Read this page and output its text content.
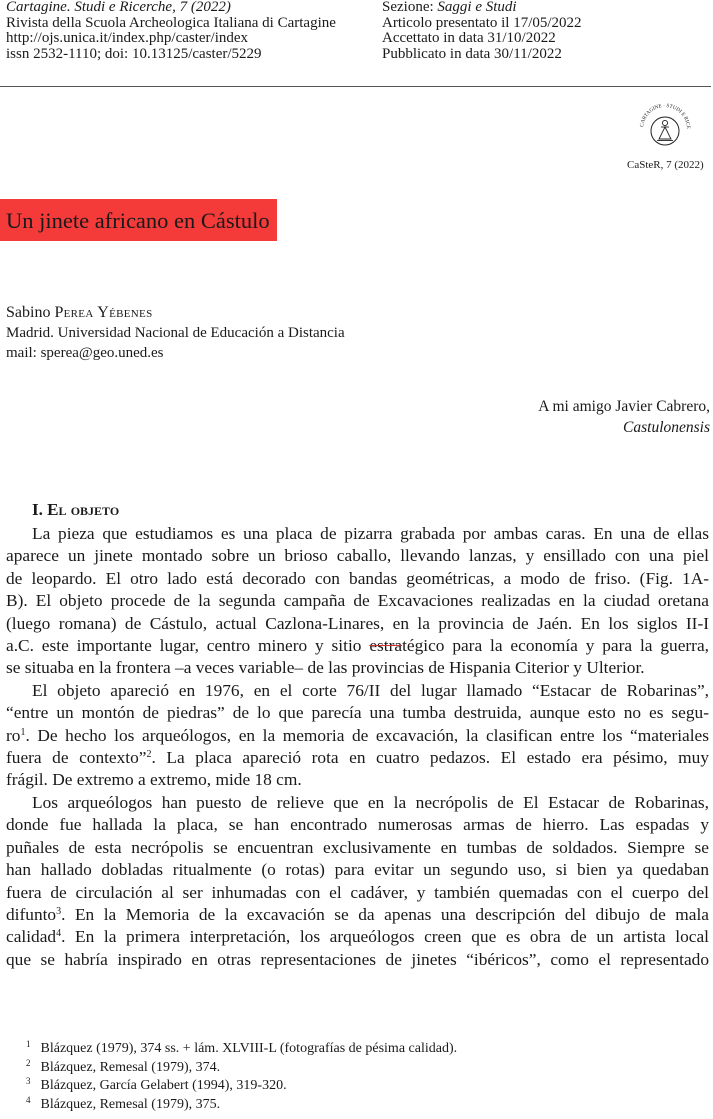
Cartagine. Studi e Ricerche, 7 (2022)
Rivista della Scuola Archeologica Italiana di Cartagine
http://ojs.unica.it/index.php/caster/index
issn 2532-1110; doi: 10.13125/caster/5229
Sezione: Saggi e Studi
Articolo presentato il 17/05/2022
Accettato in data 31/10/2022
Pubblicato in data 30/11/2022
CARTAGINE · STUDI E RICE
CaSteR, 7 (2022)
Un jinete africano en Cástulo
Sabino Perea Yébenes
Madrid. Universidad Nacional de Educación a Distancia
mail: sperea@geo.uned.es
A mi amigo Javier Cabrero,
Castulonensis
I. El objeto
La pieza que estudiamos es una placa de pizarra grabada por ambas caras. En una de ellas
aparece un jinete montado sobre un brioso caballo, llevando lanzas, y ensillado con una piel
de leopardo. El otro lado está decorado con bandas geométricas, a modo de friso. (Fig. 1A-
B). El objeto procede de la segunda campaña de Excavaciones realizadas en la ciudad oretana
(luego romana) de Cástulo, actual Cazlona-Linares, en la provincia de Jaén. En los siglos II-I
a.C. este importante lugar, centro minero y sitio estratégico para la economía y para la guerra,
se situaba en la frontera –a veces variable– de las provincias de Hispania Citerior y Ulterior.
El objeto apareció en 1976, en el corte 76/II del lugar llamado “Estacar de Robarinas”,
“entre un montón de piedras” de lo que parecía una tumba destruida, aunque esto no es segu-
$ro^1$. De hecho los arqueólogos, en la memoria de excavación, la clasifican entre los “materiales
fuera de contexto”$^2$. La placa apareció rota en cuatro pedazos. El estado era pésimo, muy
frágil. De extremo a extremo, mide 18 cm.
Los arqueólogos han puesto de relieve que en la necrópolis de El Estacar de Robarinas,
donde fue hallada la placa, se han encontrado numerosas armas de hierro. Las espadas y
puñales de esta necrópolis se encuentran exclusivamente en tumbas de soldados. Siempre se
han hallado dobladas ritualmente (o rotas) para evitar un segundo uso, si bien ya quedaban
fuera de circulación al ser inhumadas con el cadáver, y también quemadas con el cuerpo del
difunto$^3$. En la Memoria de la excavación se da apenas una descripción del dibujo de mala
calidad$^4$. En la primera interpretación, los arqueólogos creen que es obra de un artista local
que se habría inspirado en otras representaciones de jinetes “ibéricos”, como el representado
$^1$ Blázquez (1979), 374 ss. + lám. XLVIII-L (fotografías de pésima calidad).
$^2$ Blázquez, Remesal (1979), 374.
$^3$ Blázquez, García Gelabert (1994), 319-320.
$^4$ Blázquez, Remesal (1979), 375.
